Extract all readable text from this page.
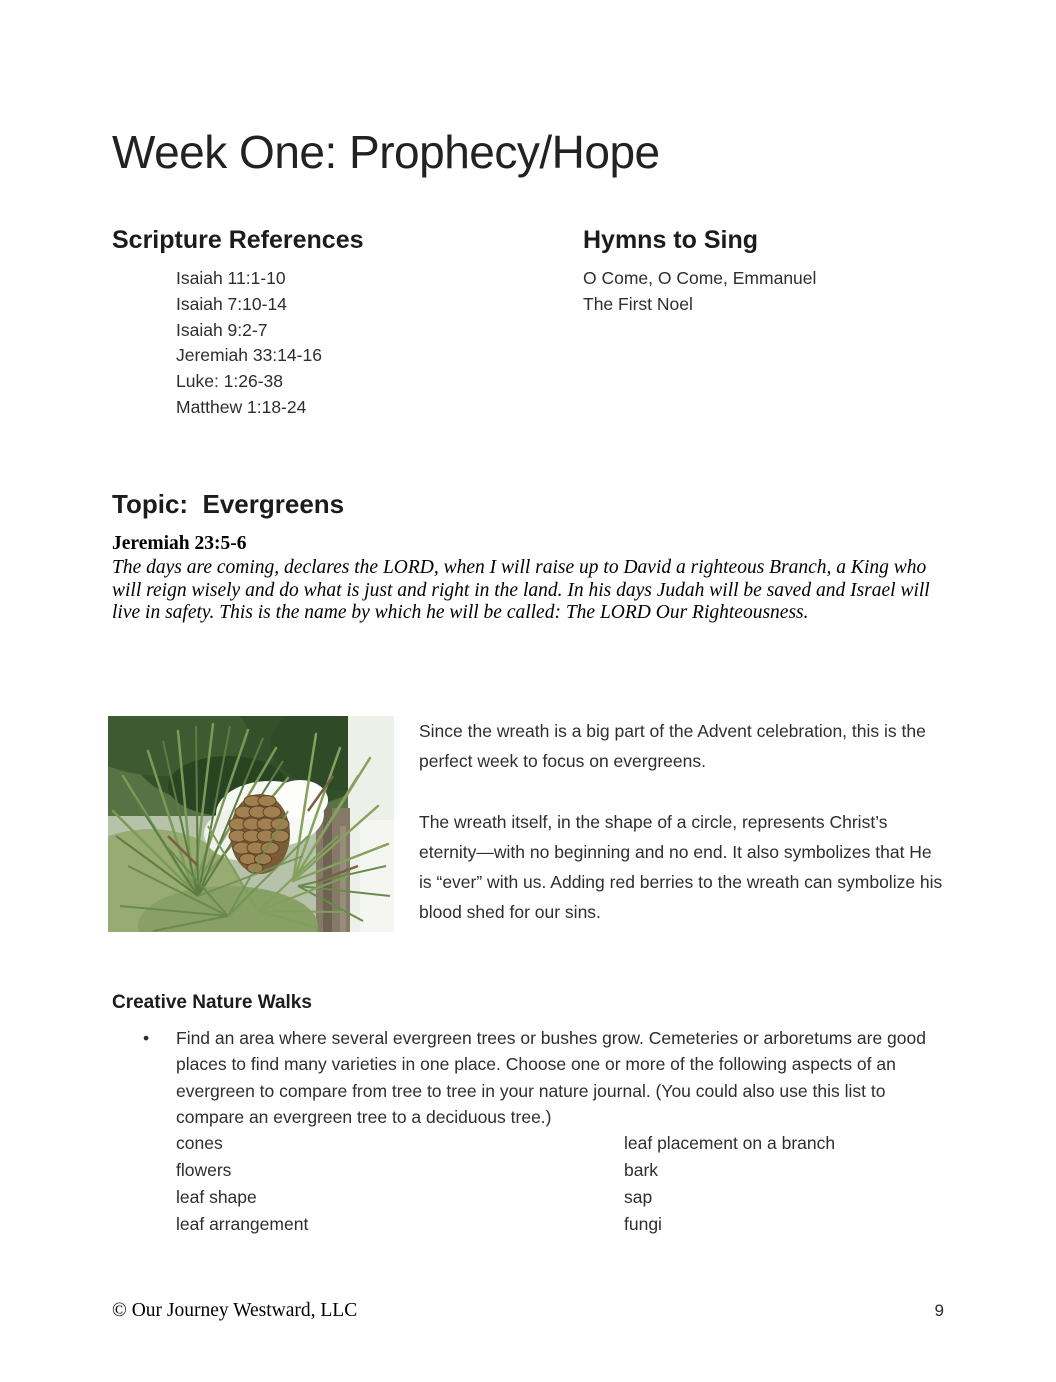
Week One: Prophecy/Hope
Scripture References
Isaiah 11:1-10
Isaiah 7:10-14
Isaiah 9:2-7
Jeremiah 33:14-16
Luke: 1:26-38
Matthew 1:18-24
Hymns to Sing
O Come, O Come, Emmanuel
The First Noel
Topic:  Evergreens
Jeremiah 23:5-6
The days are coming, declares the LORD, when I will raise up to David a righteous Branch, a King who will reign wisely and do what is just and right in the land. In his days Judah will be saved and Israel will live in safety. This is the name by which he will be called: The LORD Our Righteousness.

Since the wreath is a big part of the Advent celebration, this is the perfect week to focus on evergreens.

The wreath itself, in the shape of a circle, represents Christ’s eternity—with no beginning and no end. It also symbolizes that He is “ever” with us. Adding red berries to the wreath can symbolize his blood shed for our sins.

Creative Nature Walks
•
Find an area where several evergreen trees or bushes grow. Cemeteries or arboretums are good places to find many varieties in one place. Choose one or more of the following aspects of an evergreen to compare from tree to tree in your nature journal. (You could also use this list to compare an evergreen tree to a deciduous tree.)
cones
flowers
leaf shape
leaf arrangement
leaf placement on a branch
bark
sap
fungi
© Our Journey Westward, LLC	9
